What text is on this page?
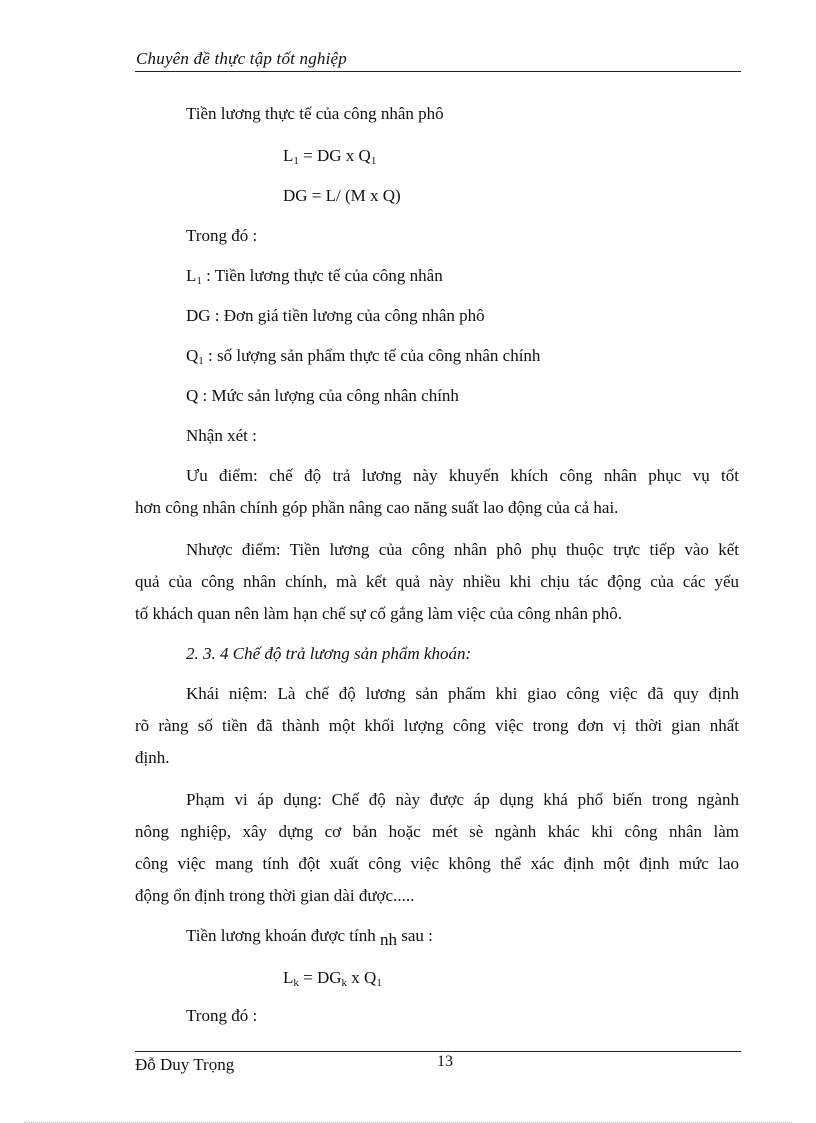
Chuyên đề thực tập tốt nghiệp
Tiền lương thực tế của công nhân phô
$L_1$ = DG x $Q_1$
DG = L/ (M x Q)
Trong đó :
$L_1$ : Tiền lương thực tế của công nhân
DG : Đơn giá tiền lương của công nhân phô
$Q_1$ : số lượng sản phẩm thực tế của công nhân chính
Q : Mức sản lượng của công nhân chính
Nhận xét :
Ưu điểm: chế độ trả lương này khuyến khích công nhân phục vụ tốt
hơn công nhân chính góp phần nâng cao năng suất lao động của cả hai.
Nhược điểm: Tiền lương của công nhân phô phụ thuộc trực tiếp vào kết
quả của công nhân chính, mà kết quả này nhiều khi chịu tác động của các yếu
tố khách quan nên làm hạn chế sự cố gắng làm việc của công nhân phô.
2. 3. 4 Chế độ trả lương sản phẩm khoán:
Khái niệm: Là chế độ lương sản phẩm khi giao công việc đã quy định
rõ ràng số tiền đã thành một khối lượng công việc trong đơn vị thời gian nhất
định.
Phạm vi áp dụng: Chế độ này được áp dụng khá phổ biến trong ngành
nông nghiệp, xây dựng cơ bản hoặc mét sè ngành khác khi công nhân làm
công việc mang tính đột xuất công việc không thể xác định một định mức lao
động ổn định trong thời gian dài được.....
Tiền lương khoán được tính nh sau :
$L_k = DG_k$ x $Q_1$
Trong đó :
Đỗ Duy Trọng	13
